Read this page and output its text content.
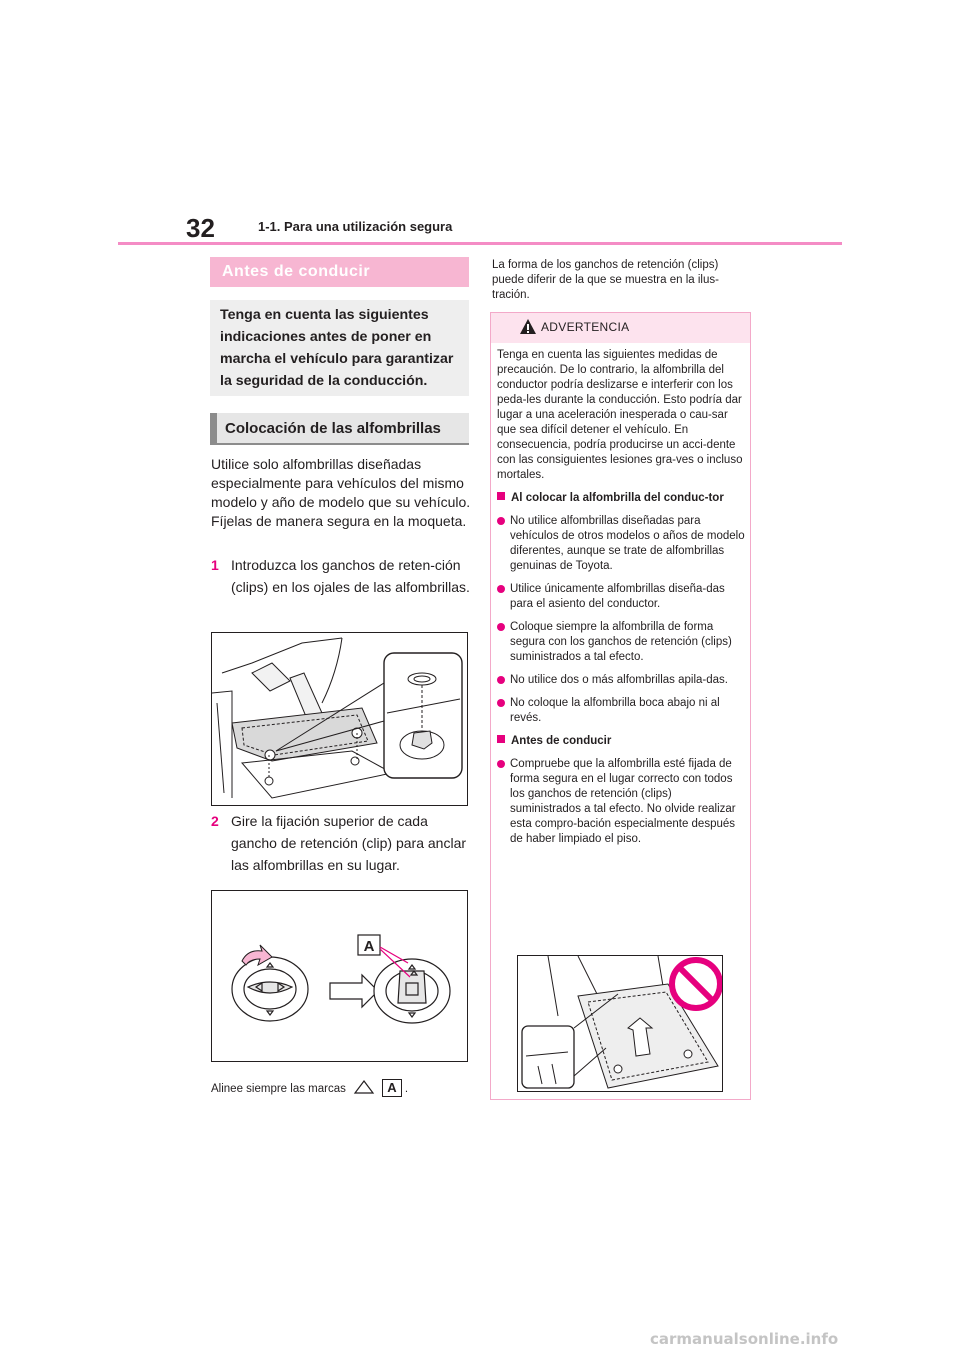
32	1-1. Para una utilización segura
Antes de conducir
Tenga en cuenta las siguientes indicaciones antes de poner en marcha el vehículo para garantizar la seguridad de la conducción.
Colocación de las alfombrillas
Utilice solo alfombrillas diseñadas especialmente para vehículos del mismo modelo y año de modelo que su vehículo. Fíjelas de manera segura en la moqueta.
1 Introduzca los ganchos de reten-ción (clips) en los ojales de las alfombrillas.
2 Gire la fijación superior de cada gancho de retención (clip) para anclar las alfombrillas en su lugar.
A
Alinee siempre las marcas	A .
La forma de los ganchos de retención (clips) puede diferir de la que se muestra en la ilus-tración.
ADVERTENCIA

Tenga en cuenta las siguientes medidas de precaución. De lo contrario, la alfombrilla del conductor podría deslizarse e interferir con los peda-les durante la conducción. Esto podría dar lugar a una aceleración inesperada o cau-sar que sea difícil detener el vehículo. En consecuencia, podría producirse un acci-dente con las consiguientes lesiones gra-ves o incluso mortales.

Al colocar la alfombrilla del conduc-tor

No utilice alfombrillas diseñadas para vehículos de otros modelos o años de modelo diferentes, aunque se trate de alfombrillas genuinas de Toyota.

Utilice únicamente alfombrillas diseña-das para el asiento del conductor.

Coloque siempre la alfombrilla de forma segura con los ganchos de retención (clips) suministrados a tal efecto.

No utilice dos o más alfombrillas apila-das.

No coloque la alfombrilla boca abajo ni al revés.

Antes de conducir

Compruebe que la alfombrilla esté fijada de forma segura en el lugar correcto con todos los ganchos de retención (clips) suministrados a tal efecto. No olvide realizar esta compro-bación especialmente después de haber limpiado el piso.

carmanualsonline.info
